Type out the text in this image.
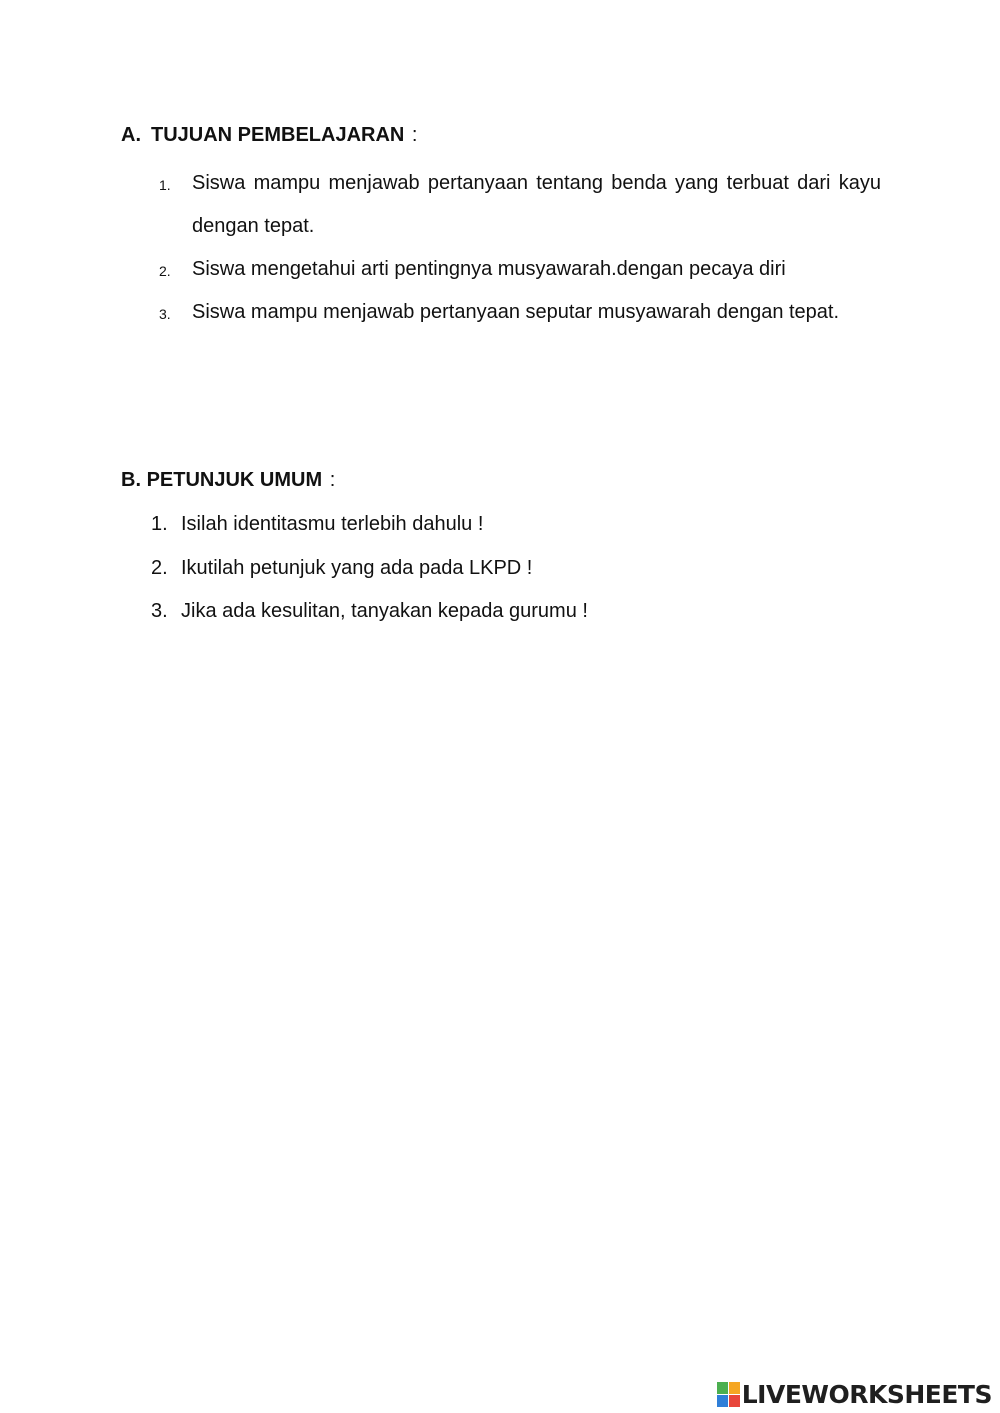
A. TUJUAN PEMBELAJARAN :
1. Siswa mampu menjawab pertanyaan tentang benda yang terbuat dari kayu dengan tepat.
2. Siswa mengetahui arti pentingnya musyawarah.dengan pecaya diri
3. Siswa mampu menjawab pertanyaan seputar musyawarah dengan tepat.
B. PETUNJUK UMUM :
1. Isilah identitasmu terlebih dahulu !
2. Ikutilah petunjuk yang ada pada LKPD !
3. Jika ada kesulitan, tanyakan kepada gurumu !
LIVEWORKSHEETS
